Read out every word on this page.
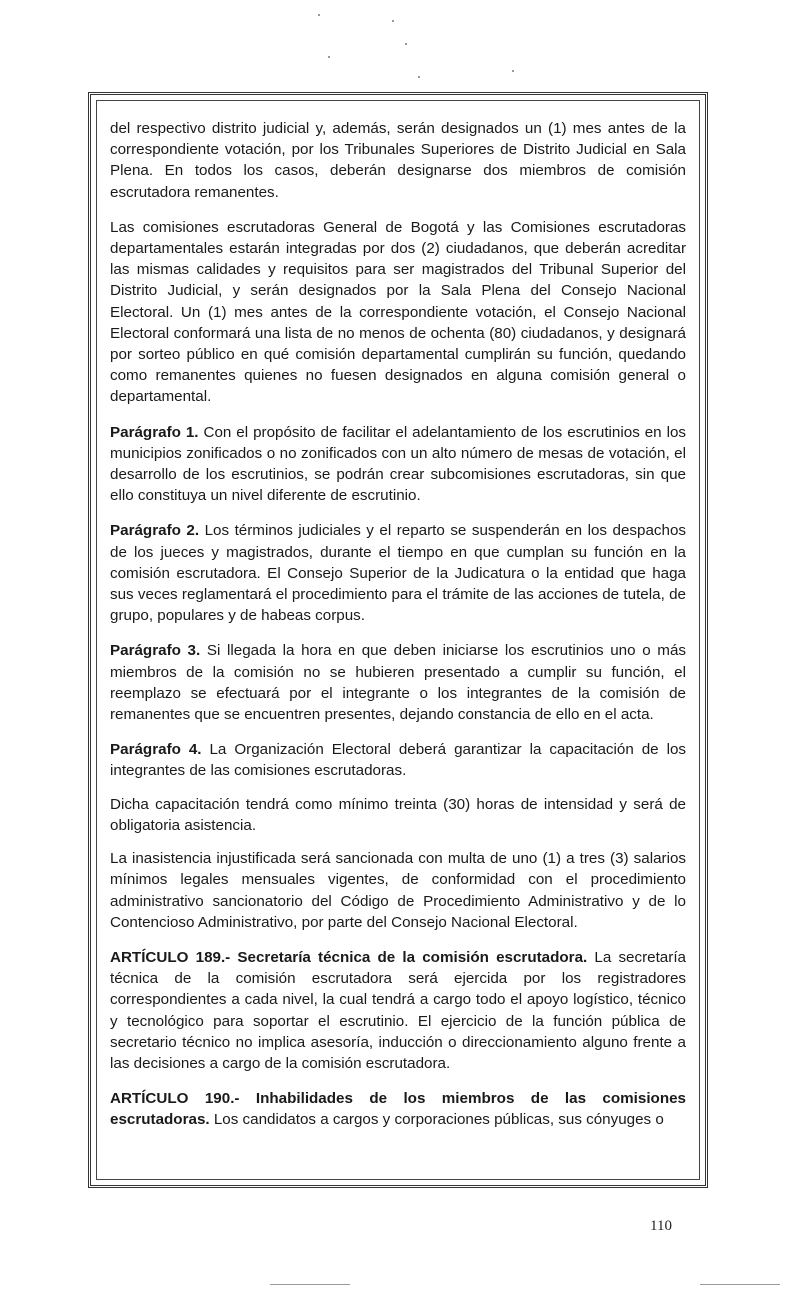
del respectivo distrito judicial y, además, serán designados un (1) mes antes de la correspondiente votación, por los Tribunales Superiores de Distrito Judicial en Sala Plena. En todos los casos, deberán designarse dos miembros de comisión escrutadora remanentes.

Las comisiones escrutadoras General de Bogotá y las Comisiones escrutadoras departamentales estarán integradas por dos (2) ciudadanos, que deberán acreditar las mismas calidades y requisitos para ser magistrados del Tribunal Superior del Distrito Judicial, y serán designados por la Sala Plena del Consejo Nacional Electoral. Un (1) mes antes de la correspondiente votación, el Consejo Nacional Electoral conformará una lista de no menos de ochenta (80) ciudadanos, y designará por sorteo público en qué comisión departamental cumplirán su función, quedando como remanentes quienes no fuesen designados en alguna comisión general o departamental.

Parágrafo 1. Con el propósito de facilitar el adelantamiento de los escrutinios en los municipios zonificados o no zonificados con un alto número de mesas de votación, el desarrollo de los escrutinios, se podrán crear subcomisiones escrutadoras, sin que ello constituya un nivel diferente de escrutinio.

Parágrafo 2. Los términos judiciales y el reparto se suspenderán en los despachos de los jueces y magistrados, durante el tiempo en que cumplan su función en la comisión escrutadora. El Consejo Superior de la Judicatura o la entidad que haga sus veces reglamentará el procedimiento para el trámite de las acciones de tutela, de grupo, populares y de habeas corpus.

Parágrafo 3. Si llegada la hora en que deben iniciarse los escrutinios uno o más miembros de la comisión no se hubieren presentado a cumplir su función, el reemplazo se efectuará por el integrante o los integrantes de la comisión de remanentes que se encuentren presentes, dejando constancia de ello en el acta.

Parágrafo 4. La Organización Electoral deberá garantizar la capacitación de los integrantes de las comisiones escrutadoras.

Dicha capacitación tendrá como mínimo treinta (30) horas de intensidad y será de obligatoria asistencia.

La inasistencia injustificada será sancionada con multa de uno (1) a tres (3) salarios mínimos legales mensuales vigentes, de conformidad con el procedimiento administrativo sancionatorio del Código de Procedimiento Administrativo y de lo Contencioso Administrativo, por parte del Consejo Nacional Electoral.

ARTÍCULO 189.- Secretaría técnica de la comisión escrutadora. La secretaría técnica de la comisión escrutadora será ejercida por los registradores correspondientes a cada nivel, la cual tendrá a cargo todo el apoyo logístico, técnico y tecnológico para soportar el escrutinio. El ejercicio de la función pública de secretario técnico no implica asesoría, inducción o direccionamiento alguno frente a las decisiones a cargo de la comisión escrutadora.

ARTÍCULO 190.- Inhabilidades de los miembros de las comisiones escrutadoras. Los candidatos a cargos y corporaciones públicas, sus cónyuges o

110
